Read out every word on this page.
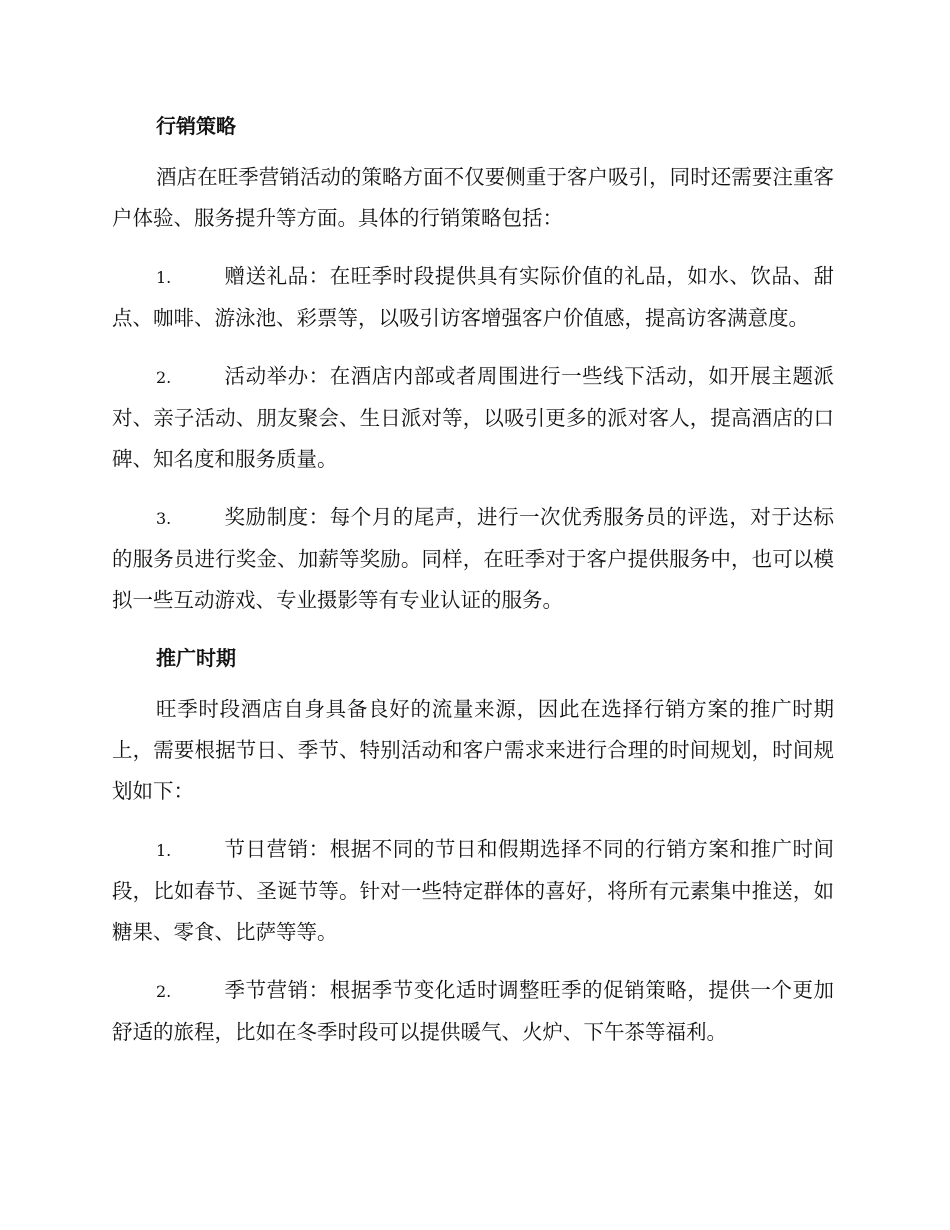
行销策略

酒店在旺季营销活动的策略方面不仅要侧重于客户吸引，同时还需要注重客户体验、服务提升等方面。具体的行销策略包括：

1.	赠送礼品：在旺季时段提供具有实际价值的礼品，如水、饮品、甜点、咖啡、游泳池、彩票等，以吸引访客增强客户价值感，提高访客满意度。

2.	活动举办：在酒店内部或者周围进行一些线下活动，如开展主题派对、亲子活动、朋友聚会、生日派对等，以吸引更多的派对客人，提高酒店的口碑、知名度和服务质量。

3.	奖励制度：每个月的尾声，进行一次优秀服务员的评选，对于达标的服务员进行奖金、加薪等奖励。同样，在旺季对于客户提供服务中，也可以模拟一些互动游戏、专业摄影等有专业认证的服务。

推广时期

旺季时段酒店自身具备良好的流量来源，因此在选择行销方案的推广时期上，需要根据节日、季节、特别活动和客户需求来进行合理的时间规划，时间规划如下：

1.	节日营销：根据不同的节日和假期选择不同的行销方案和推广时间段，比如春节、圣诞节等。针对一些特定群体的喜好，将所有元素集中推送，如糖果、零食、比萨等等。

2.	季节营销：根据季节变化适时调整旺季的促销策略，提供一个更加舒适的旅程，比如在冬季时段可以提供暖气、火炉、下午茶等福利。
